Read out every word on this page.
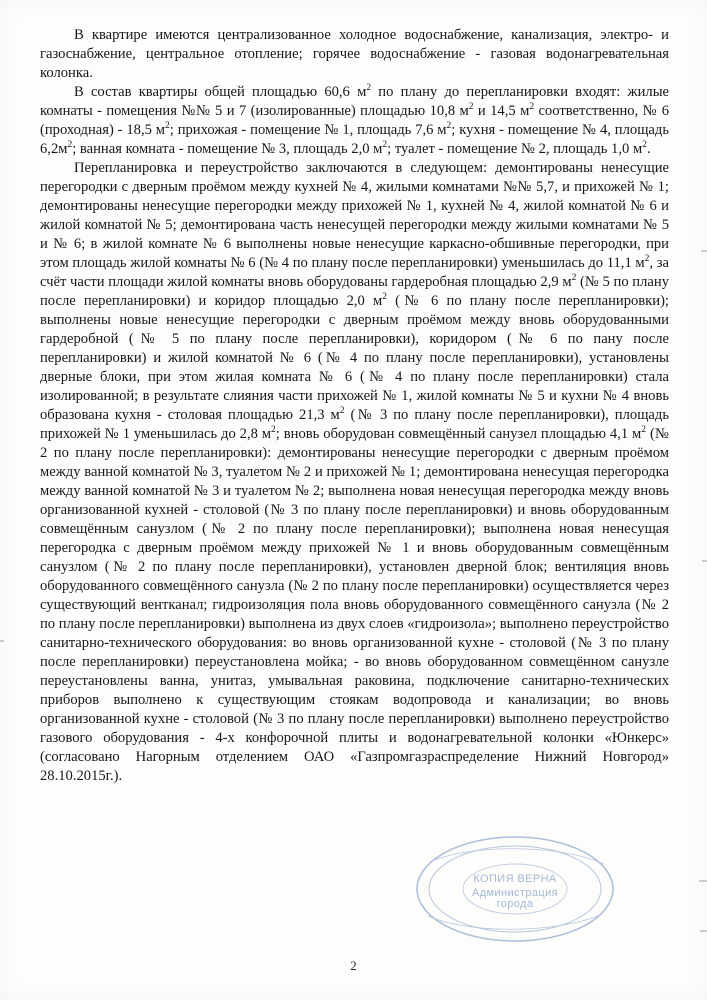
КОПИЯ ВЕРНА
Администрация
города

В квартире имеются централизованное холодное водоснабжение, канализация, электро- и газоснабжение, центральное отопление; горячее водоснабжение - газовая водонагревательная колонка.

В состав квартиры общей площадью 60,6 $м^2$ по плану до перепланировки входят: жилые комнаты - помещения №№ 5 и 7 (изолированные) площадью 10,8 $м^2$ и 14,5 $м^2$ соответственно, № 6 (проходная) - 18,5 $м^2$; прихожая - помещение № 1, площадь 7,6 $м^2$; кухня - помещение № 4, площадь $6,2м^2$; ванная комната - помещение № 3, площадь 2,0 $м^2$; туалет - помещение № 2, площадь 1,0 $м^2$.

Перепланировка и переустройство заключаются в следующем: демонтированы ненесущие перегородки с дверным проёмом между кухней № 4, жилыми комнатами №№ 5,7, и прихожей № 1; демонтированы ненесущие перегородки между прихожей № 1, кухней № 4, жилой комнатой № 6 и жилой комнатой № 5; демонтирована часть ненесущей перегородки между жилыми комнатами № 5 и № 6; в жилой комнате № 6 выполнены новые ненесущие каркасно-обшивные перегородки, при этом площадь жилой комнаты № 6 (№ 4 по плану после перепланировки) уменьшилась до 11,1 $м^2$, за счёт части площади жилой комнаты вновь оборудованы гардеробная площадью 2,9 $м^2$ (№ 5 по плану после перепланировки) и коридор площадью 2,0 $м^2$ (№ 6 по плану после перепланировки); выполнены новые ненесущие перегородки с дверным проёмом между вновь оборудованными гардеробной (№ 5 по плану после перепланировки), коридором (№ 6 по пану после перепланировки) и жилой комнатой № 6 (№ 4 по плану после перепланировки), установлены дверные блоки, при этом жилая комната № 6 (№ 4 по плану после перепланировки) стала изолированной; в результате слияния части прихожей № 1, жилой комнаты № 5 и кухни № 4 вновь образована кухня - столовая площадью 21,3 $м^2$ (№ 3 по плану после перепланировки), площадь прихожей № 1 уменьшилась до 2,8 $м^2$; вновь оборудован совмещённый санузел площадью 4,1 $м^2$ (№ 2 по плану после перепланировки): демонтированы ненесущие перегородки с дверным проёмом между ванной комнатой № 3, туалетом № 2 и прихожей № 1; демонтирована ненесущая перегородка между ванной комнатой № 3 и туалетом № 2; выполнена новая ненесущая перегородка между вновь организованной кухней - столовой (№ 3 по плану после перепланировки) и вновь оборудованным совмещённым санузлом (№ 2 по плану после перепланировки); выполнена новая ненесущая перегородка с дверным проёмом между прихожей № 1 и вновь оборудованным совмещённым санузлом (№ 2 по плану после перепланировки), установлен дверной блок; вентиляция вновь оборудованного совмещённого санузла (№ 2 по плану после перепланировки) осуществляется через существующий вентканал; гидроизоляция пола вновь оборудованного совмещённого санузла (№ 2 по плану после перепланировки) выполнена из двух слоев «гидроизола»; выполнено переустройство санитарно-технического оборудования: во вновь организованной кухне - столовой (№ 3 по плану после перепланировки) переустановлена мойка; - во вновь оборудованном совмещённом санузле переустановлены ванна, унитаз, умывальная раковина, подключение санитарно-технических приборов выполнено к существующим стоякам водопровода и канализации; во вновь организованной кухне - столовой (№ 3 по плану после перепланировки) выполнено переустройство газового оборудования - 4-х конфорочной плиты и водонагревательной колонки «Юнкерс» (согласовано Нагорным отделением ОАО «Газпромгазраспределение Нижний Новгород» 28.10.2015г.).

2
